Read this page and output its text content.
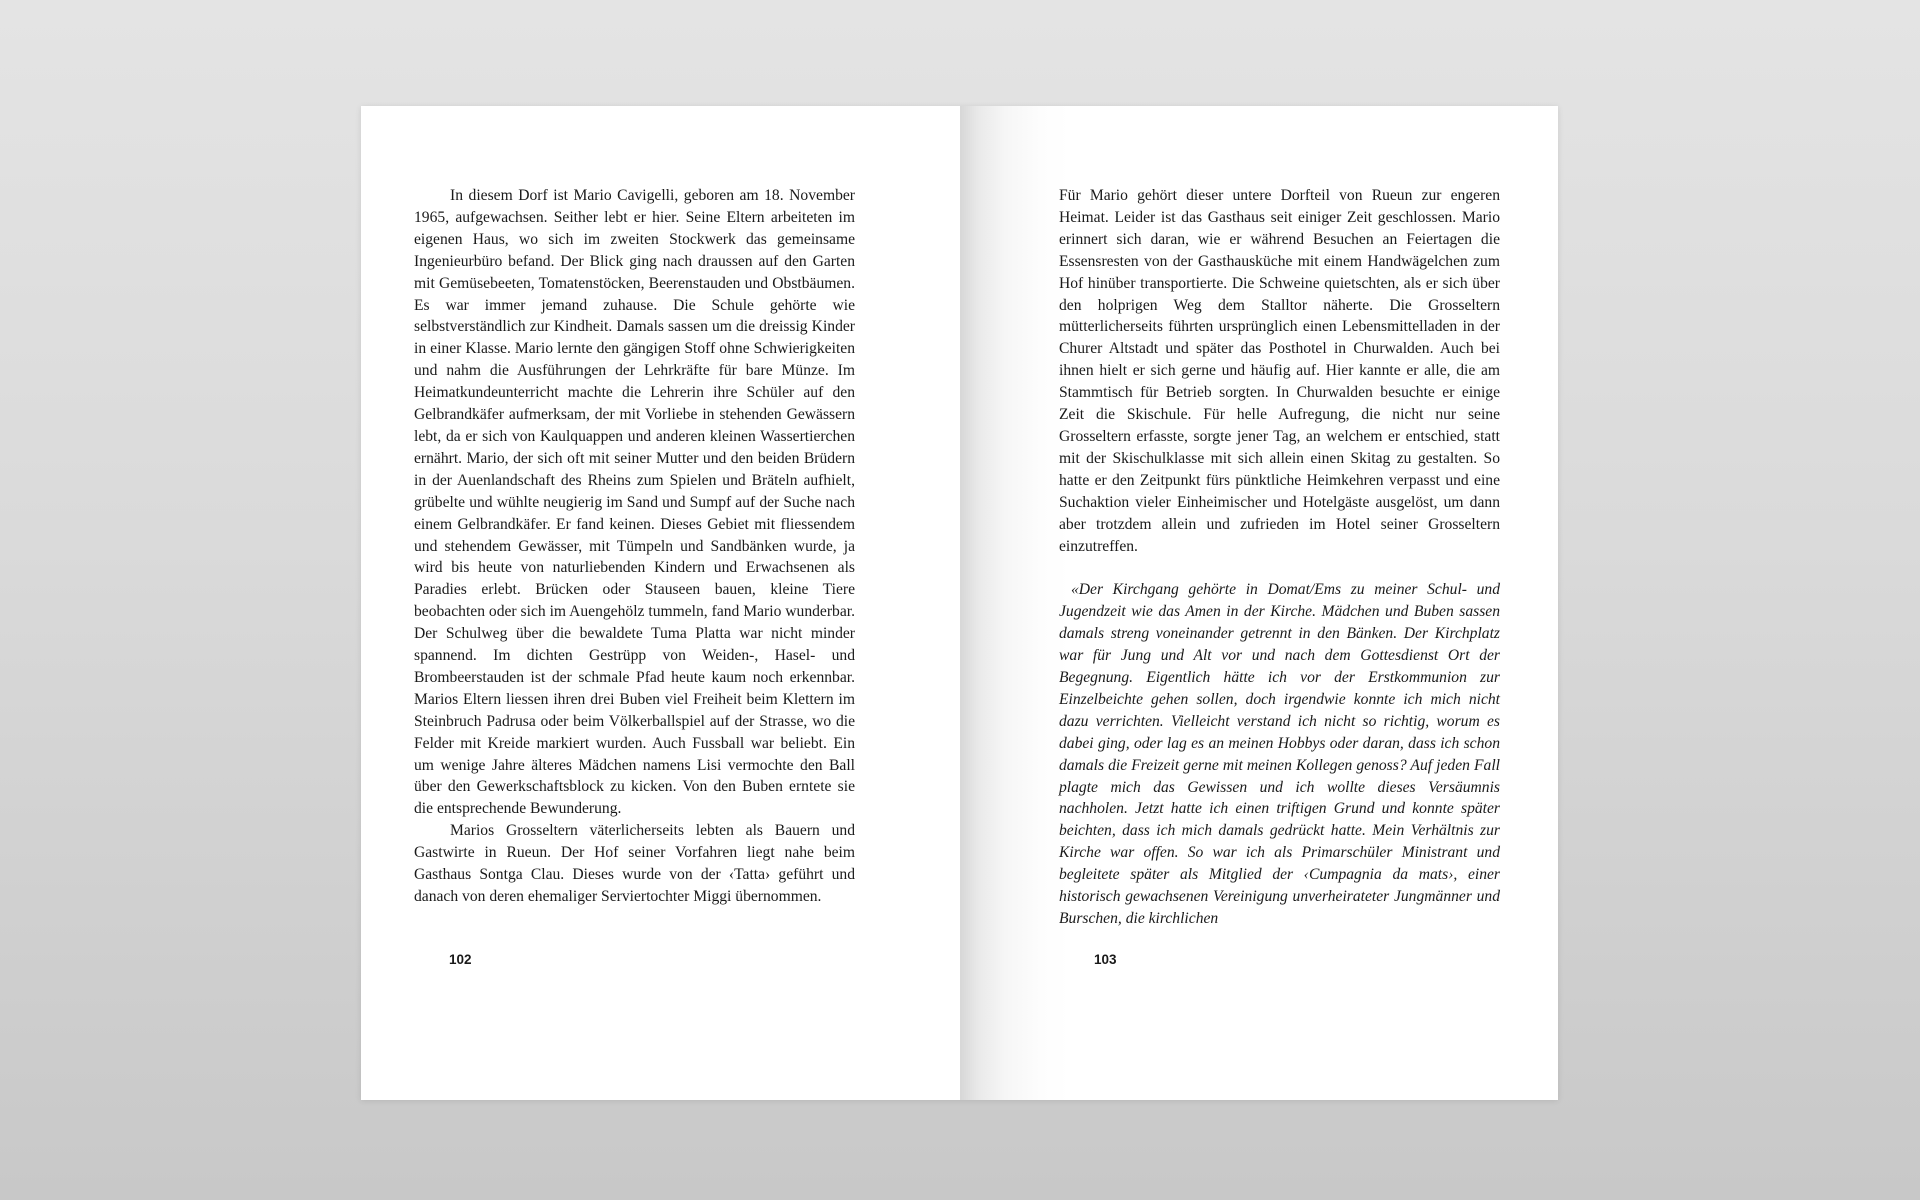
In diesem Dorf ist Mario Cavigelli, geboren am 18. November 1965, aufgewachsen. Seither lebt er hier. Seine Eltern arbeiteten im eigenen Haus, wo sich im zweiten Stockwerk das gemeinsame Ingenieurbüro befand. Der Blick ging nach draussen auf den Garten mit Gemüsebeeten, Tomatenstöcken, Beerenstauden und Obstbäumen. Es war immer jemand zuhause. Die Schule gehörte wie selbstverständlich zur Kindheit. Damals sassen um die dreissig Kinder in einer Klasse. Mario lernte den gängigen Stoff ohne Schwierigkeiten und nahm die Ausführungen der Lehrkräfte für bare Münze. Im Heimatkundeunterricht machte die Lehrerin ihre Schüler auf den Gelbrandkäfer aufmerksam, der mit Vorliebe in stehenden Gewässern lebt, da er sich von Kaulquappen und anderen kleinen Wassertierchen ernährt. Mario, der sich oft mit seiner Mutter und den beiden Brüdern in der Auenlandschaft des Rheins zum Spielen und Bräteln aufhielt, grübelte und wühlte neugierig im Sand und Sumpf auf der Suche nach einem Gelbrandkäfer. Er fand keinen. Dieses Gebiet mit fliessendem und stehendem Gewässer, mit Tümpeln und Sandbänken wurde, ja wird bis heute von naturliebenden Kindern und Erwachsenen als Paradies erlebt. Brücken oder Stauseen bauen, kleine Tiere beobachten oder sich im Auengehölz tummeln, fand Mario wunderbar. Der Schulweg über die bewaldete Tuma Platta war nicht minder spannend. Im dichten Gestrüpp von Weiden-, Hasel- und Brombeerstauden ist der schmale Pfad heute kaum noch erkennbar. Marios Eltern liessen ihren drei Buben viel Freiheit beim Klettern im Steinbruch Padrusa oder beim Völkerballspiel auf der Strasse, wo die Felder mit Kreide markiert wurden. Auch Fussball war beliebt. Ein um wenige Jahre älteres Mädchen namens Lisi vermochte den Ball über den Gewerkschaftsblock zu kicken. Von den Buben erntete sie die entsprechende Bewunderung.

Marios Grosseltern väterlicherseits lebten als Bauern und Gastwirte in Rueun. Der Hof seiner Vorfahren liegt nahe beim Gasthaus Sontga Clau. Dieses wurde von der ‹Tatta› geführt und danach von deren ehemaliger Serviertochter Miggi übernommen.

102

Für Mario gehört dieser untere Dorfteil von Rueun zur engeren Heimat. Leider ist das Gasthaus seit einiger Zeit geschlossen. Mario erinnert sich daran, wie er während Besuchen an Feiertagen die Essensresten von der Gasthausküche mit einem Handwägelchen zum Hof hinüber transportierte. Die Schweine quietschten, als er sich über den holprigen Weg dem Stalltor näherte. Die Grosseltern mütterlicherseits führten ursprünglich einen Lebensmittelladen in der Churer Altstadt und später das Posthotel in Churwalden. Auch bei ihnen hielt er sich gerne und häufig auf. Hier kannte er alle, die am Stammtisch für Betrieb sorgten. In Churwalden besuchte er einige Zeit die Skischule. Für helle Aufregung, die nicht nur seine Grosseltern erfasste, sorgte jener Tag, an welchem er entschied, statt mit der Skischulklasse mit sich allein einen Skitag zu gestalten. So hatte er den Zeitpunkt fürs pünktliche Heimkehren verpasst und eine Suchaktion vieler Einheimischer und Hotelgäste ausgelöst, um dann aber trotzdem allein und zufrieden im Hotel seiner Grosseltern einzutreffen.

«Der Kirchgang gehörte in Domat/Ems zu meiner Schul- und Jugendzeit wie das Amen in der Kirche. Mädchen und Buben sassen damals streng voneinander getrennt in den Bänken. Der Kirchplatz war für Jung und Alt vor und nach dem Gottesdienst Ort der Begegnung. Eigentlich hätte ich vor der Erstkommunion zur Einzelbeichte gehen sollen, doch irgendwie konnte ich mich nicht dazu verrichten. Vielleicht verstand ich nicht so richtig, worum es dabei ging, oder lag es an meinen Hobbys oder daran, dass ich schon damals die Freizeit gerne mit meinen Kollegen genoss? Auf jeden Fall plagte mich das Gewissen und ich wollte dieses Versäumnis nachholen. Jetzt hatte ich einen triftigen Grund und konnte später beichten, dass ich mich damals gedrückt hatte. Mein Verhältnis zur Kirche war offen. So war ich als Primarschüler Ministrant und begleitete später als Mitglied der ‹Cumpagnia da mats›, einer historisch gewachsenen Vereinigung unverheirateter Jungmänner und Burschen, die kirchlichen

103
